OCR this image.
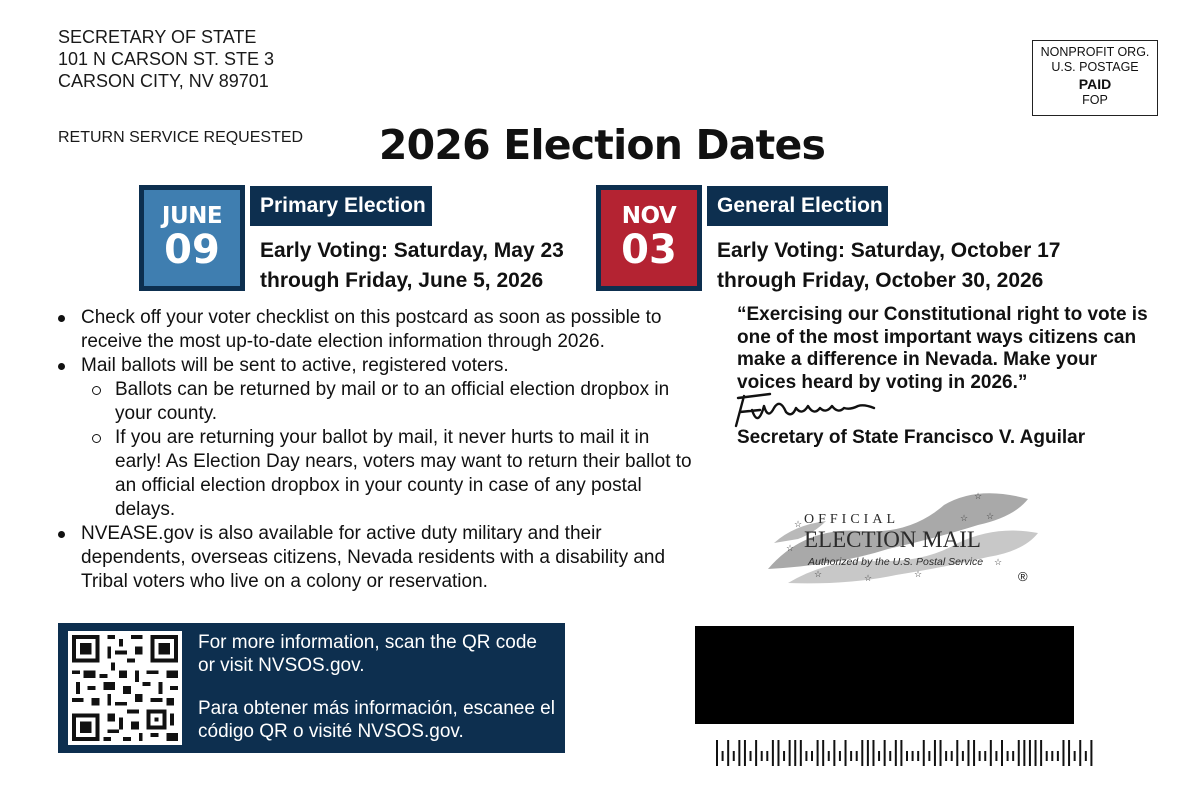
SECRETARY OF STATE
101 N CARSON ST. STE 3
CARSON CITY, NV 89701
RETURN SERVICE REQUESTED
NONPROFIT ORG.
U.S. POSTAGE
PAID
FOP
2026 Election Dates
JUNE
09
Primary Election
Early Voting: Saturday, May 23
through Friday, June 5, 2026
NOV
03
General Election
Early Voting: Saturday, October 17
through Friday, October 30, 2026
Check off your voter checklist on this postcard as soon as possible to receive the most up-to-date election information through 2026.
Mail ballots will be sent to active, registered voters.
Ballots can be returned by mail or to an official election dropbox in your county.
If you are returning your ballot by mail, it never hurts to mail it in early! As Election Day nears, voters may want to return their ballot to an official election dropbox in your county in case of any postal delays.
NVEASE.gov is also available for active duty military and their dependents, overseas citizens, Nevada residents with a disability and Tribal voters who live on a colony or reservation.
“Exercising our Constitutional right to vote is one of the most important ways citizens can make a difference in Nevada. Make your voices heard by voting in 2026.”
Secretary of State Francisco V. Aguilar
OFFICIAL
ELECTION MAIL
Authorized by the U.S. Postal Service
®
☆
☆
☆
☆
☆
☆	☆	☆
☆
For more information, scan the QR code or visit NVSOS.gov.
Para obtener más información, escanee el código QR o visité NVSOS.gov.
